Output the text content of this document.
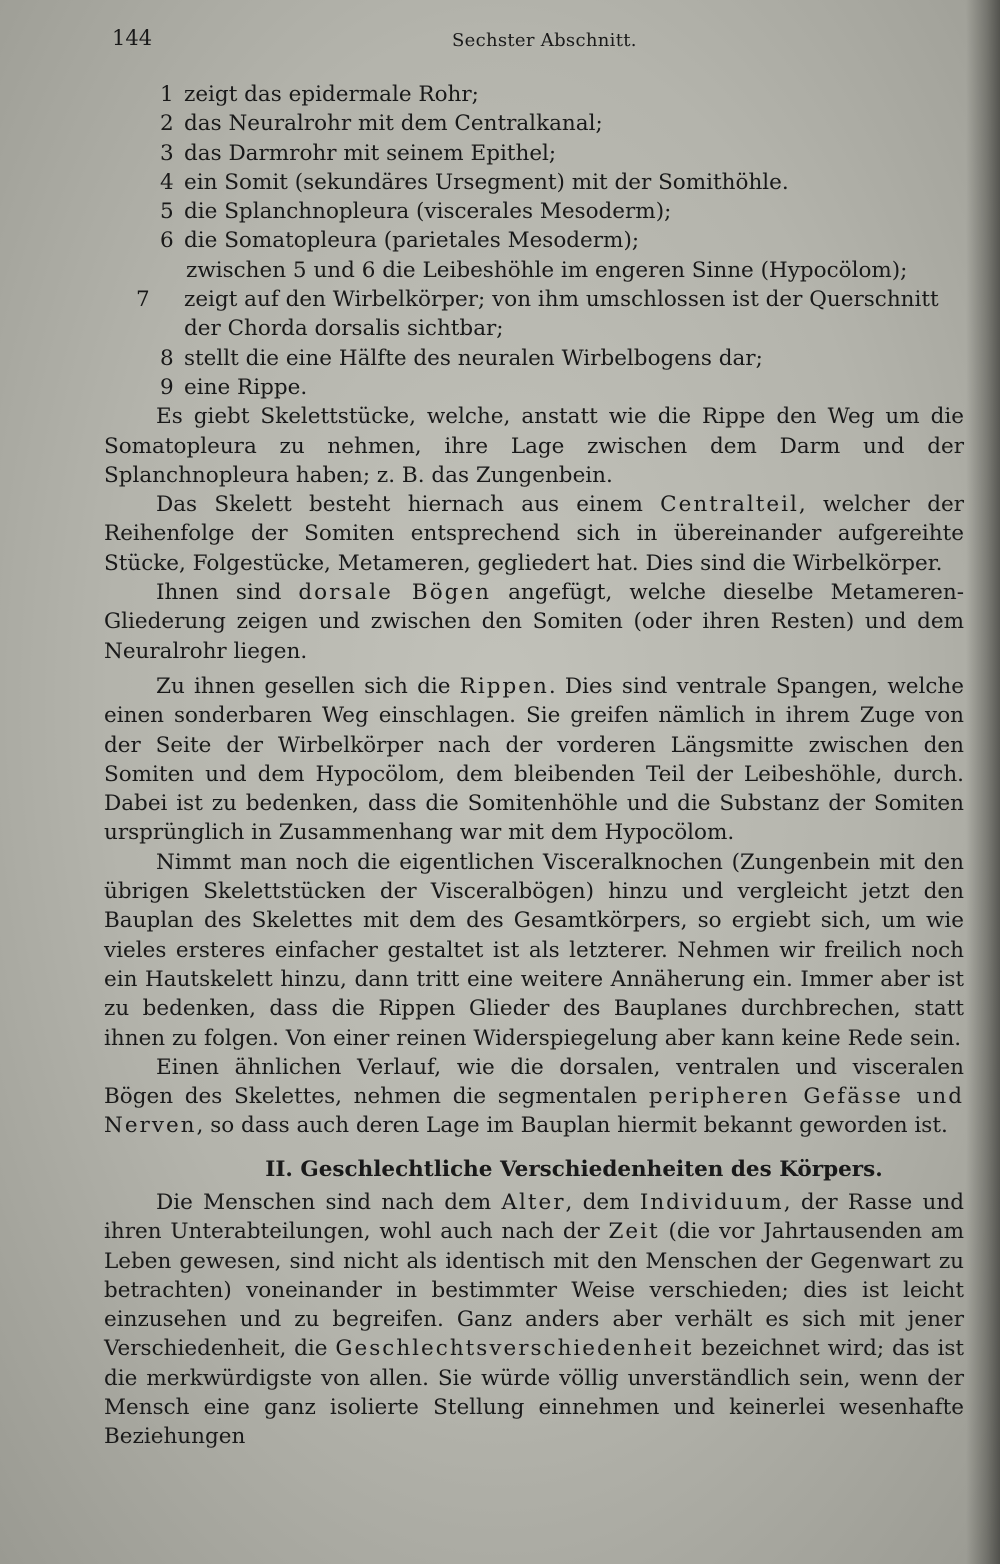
144	Sechster Abschnitt.
1 zeigt das epidermale Rohr;
2 das Neuralrohr mit dem Centralkanal;
3 das Darmrohr mit seinem Epithel;
4 ein Somit (sekundäres Ursegment) mit der Somithöhle.
5 die Splanchnopleura (viscerales Mesoderm);
6 die Somatopleura (parietales Mesoderm);
zwischen 5 und 6 die Leibeshöhle im engeren Sinne (Hypocölom);
7 zeigt auf den Wirbelkörper; von ihm umschlossen ist der Querschnitt der Chorda dorsalis sichtbar;
8 stellt die eine Hälfte des neuralen Wirbelbogens dar;
9 eine Rippe.

Es giebt Skelettstücke, welche, anstatt wie die Rippe den Weg um die Somatopleura zu nehmen, ihre Lage zwischen dem Darm und der Splanchnopleura haben; z. B. das Zungenbein.

Das Skelett besteht hiernach aus einem Centralteil, welcher der Reihenfolge der Somiten entsprechend sich in übereinander aufgereihte Stücke, Folgestücke, Metameren, gegliedert hat. Dies sind die Wirbelkörper.

Ihnen sind dorsale Bögen angefügt, welche dieselbe Metameren-Gliederung zeigen und zwischen den Somiten (oder ihren Resten) und dem Neuralrohr liegen.

Zu ihnen gesellen sich die Rippen. Dies sind ventrale Spangen, welche einen sonderbaren Weg einschlagen. Sie greifen nämlich in ihrem Zuge von der Seite der Wirbelkörper nach der vorderen Längsmitte zwischen den Somiten und dem Hypocölom, dem bleibenden Teil der Leibeshöhle, durch. Dabei ist zu bedenken, dass die Somitenhöhle und die Substanz der Somiten ursprünglich in Zusammenhang war mit dem Hypocölom.

Nimmt man noch die eigentlichen Visceralknochen (Zungenbein mit den übrigen Skelettstücken der Visceralbögen) hinzu und vergleicht jetzt den Bauplan des Skelettes mit dem des Gesamtkörpers, so ergiebt sich, um wie vieles ersteres einfacher gestaltet ist als letzterer. Nehmen wir freilich noch ein Hautskelett hinzu, dann tritt eine weitere Annäherung ein. Immer aber ist zu bedenken, dass die Rippen Glieder des Bauplanes durchbrechen, statt ihnen zu folgen. Von einer reinen Widerspiegelung aber kann keine Rede sein.

Einen ähnlichen Verlauf, wie die dorsalen, ventralen und visceralen Bögen des Skelettes, nehmen die segmentalen peripheren Gefässe und Nerven, so dass auch deren Lage im Bauplan hiermit bekannt geworden ist.

II. Geschlechtliche Verschiedenheiten des Körpers.

Die Menschen sind nach dem Alter, dem Individuum, der Rasse und ihren Unterabteilungen, wohl auch nach der Zeit (die vor Jahrtausenden am Leben gewesen, sind nicht als identisch mit den Menschen der Gegenwart zu betrachten) voneinander in bestimmter Weise verschieden; dies ist leicht einzusehen und zu begreifen. Ganz anders aber verhält es sich mit jener Verschiedenheit, die Geschlechtsverschiedenheit bezeichnet wird; das ist die merkwürdigste von allen. Sie würde völlig unverständlich sein, wenn der Mensch eine ganz isolierte Stellung einnehmen und keinerlei wesenhafte Beziehungen
